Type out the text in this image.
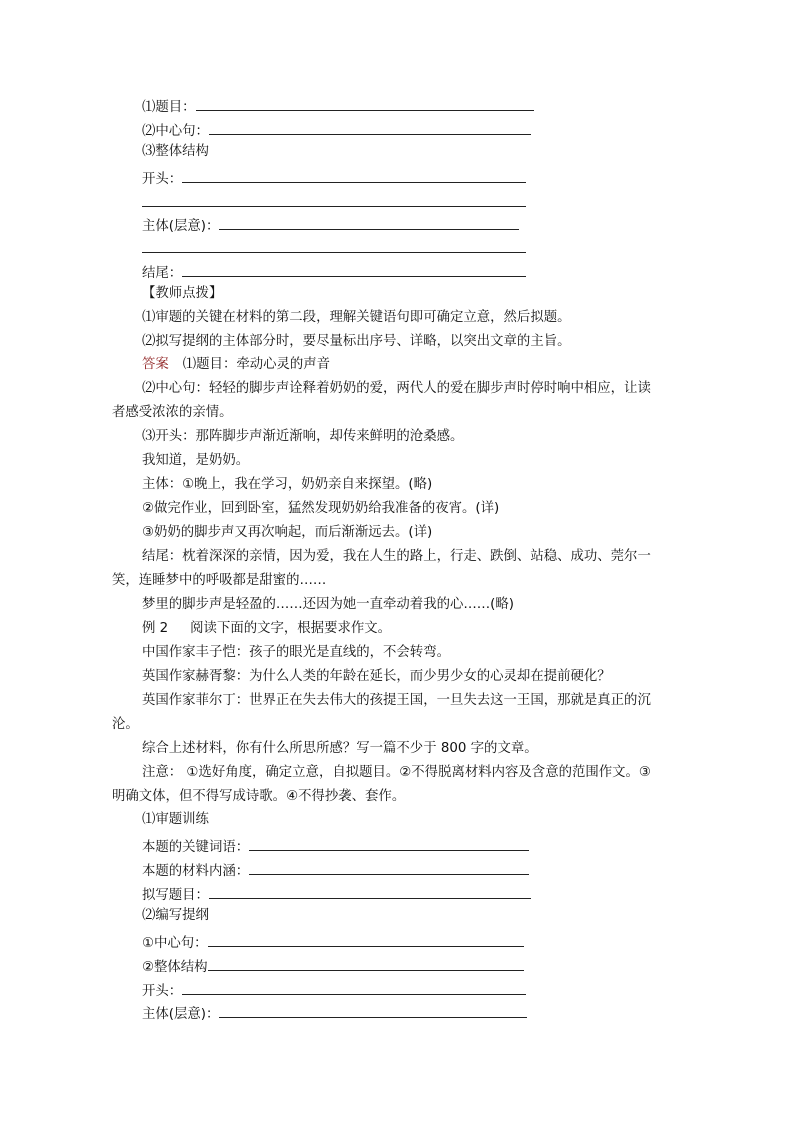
⑴题目：
⑵中心句：
⑶整体结构
开头：
主体(层意)：
结尾：
【教师点拨】
⑴审题的关键在材料的第二段，理解关键语句即可确定立意，然后拟题。
⑵拟写提纲的主体部分时，要尽量标出序号、详略，以突出文章的主旨。
答案 ⑴题目：牵动心灵的声音
⑵中心句：轻轻的脚步声诠释着奶奶的爱，两代人的爱在脚步声时停时响中相应，让读
者感受浓浓的亲情。
⑶开头：那阵脚步声渐近渐响，却传来鲜明的沧桑感。
我知道，是奶奶。
主体：①晚上，我在学习，奶奶亲自来探望。(略)
②做完作业，回到卧室，猛然发现奶奶给我准备的夜宵。(详)
③奶奶的脚步声又再次响起，而后渐渐远去。(详)
结尾：枕着深深的亲情，因为爱，我在人生的路上，行走、跌倒、站稳、成功、莞尔一
笑，连睡梦中的呼吸都是甜蜜的……
梦里的脚步声是轻盈的……还因为她一直牵动着我的心……(略)
例 2 阅读下面的文字，根据要求作文。
中国作家丰子恺：孩子的眼光是直线的，不会转弯。
英国作家赫胥黎：为什么人类的年龄在延长，而少男少女的心灵却在提前硬化？
英国作家菲尔丁：世界正在失去伟大的孩提王国，一旦失去这一王国，那就是真正的沉
沦。
综合上述材料，你有什么所思所感？写一篇不少于 800 字的文章。
注意： ①选好角度，确定立意，自拟题目。②不得脱离材料内容及含意的范围作文。③
明确文体，但不得写成诗歌。④不得抄袭、套作。
⑴审题训练
本题的关键词语：
本题的材料内涵：
拟写题目：
⑵编写提纲
①中心句：
②整体结构
开头：
主体(层意)：
